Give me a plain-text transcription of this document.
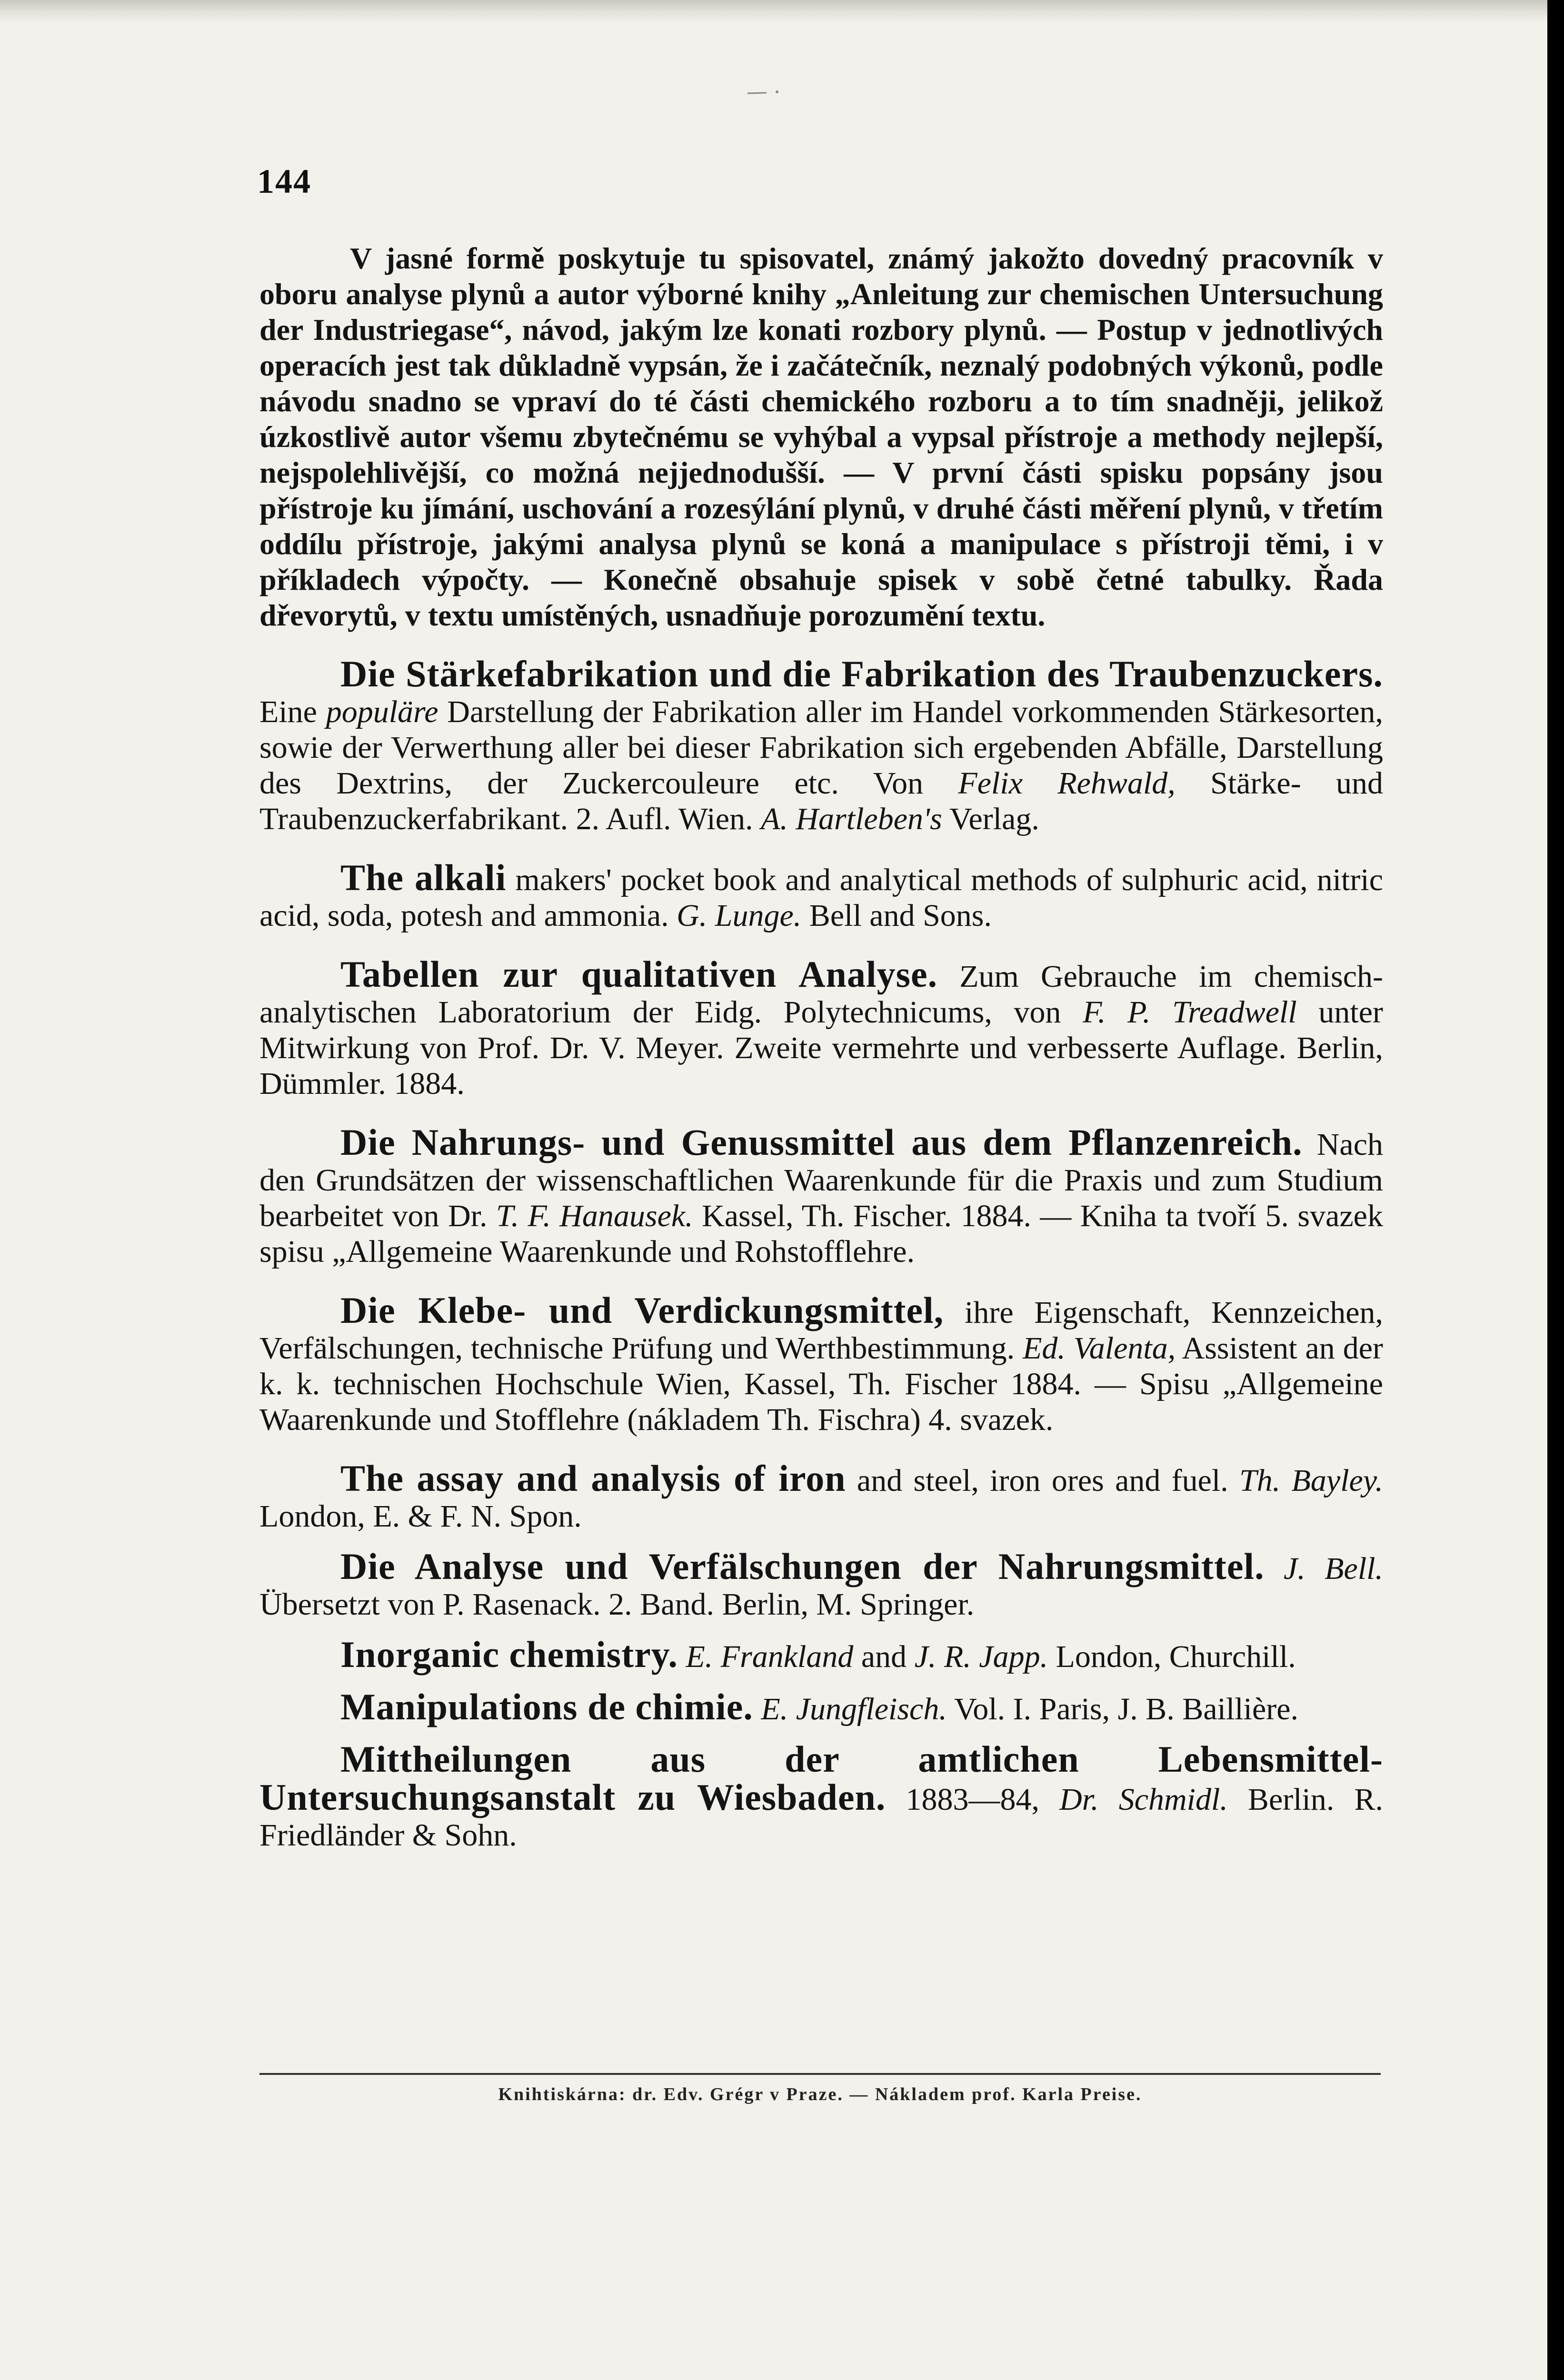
144

V jasné formě poskytuje tu spisovatel, známý jakožto dovedný pracovník v oboru analyse plynů a autor výborné knihy „Anleitung zur chemischen Untersuchung der Industriegase“, návod, jakým lze konati rozbory plynů. — Postup v jednotlivých operacích jest tak důkladně vypsán, že i začátečník, neznalý podobných výkonů, podle návodu snadno se vpraví do té části chemického rozboru a to tím snadněji, jelikož úzkostlivě autor všemu zbytečnému se vyhýbal a vypsal přístroje a methody nejlepší, nejspolehlivější, co možná nejjednodušší. — V první části spisku popsány jsou přístroje ku jímání, uschování a rozesýlání plynů, v druhé části měření plynů, v třetím oddílu přístroje, jakými analysa plynů se koná a manipulace s přístroji těmi, i v příkladech výpočty. — Konečně obsahuje spisek v sobě četné tabulky. Řada dřevorytů, v textu umístěných, usnadňuje porozumění textu.

Die Stärkefabrikation und die Fabrikation des Traubenzuckers. Eine populäre Darstellung der Fabrikation aller im Handel vorkommenden Stärkesorten, sowie der Verwerthung aller bei dieser Fabrikation sich ergebenden Abfälle, Darstellung des Dextrins, der Zuckercouleure etc. Von Felix Rehwald, Stärke- und Traubenzuckerfabrikant. 2. Aufl. Wien. A. Hartleben's Verlag.

The alkali makers' pocket book and analytical methods of sulphuric acid, nitric acid, soda, potesh and ammonia. G. Lunge. Bell and Sons.

Tabellen zur qualitativen Analyse. Zum Gebrauche im chemisch-analytischen Laboratorium der Eidg. Polytechnicums, von F. P. Treadwell unter Mitwirkung von Prof. Dr. V. Meyer. Zweite vermehrte und verbesserte Auflage. Berlin, Dümmler. 1884.

Die Nahrungs- und Genussmittel aus dem Pflanzenreich. Nach den Grundsätzen der wissenschaftlichen Waarenkunde für die Praxis und zum Studium bearbeitet von Dr. T. F. Hanausek. Kassel, Th. Fischer. 1884. — Kniha ta tvoří 5. svazek spisu „Allgemeine Waarenkunde und Rohstofflehre.

Die Klebe- und Verdickungsmittel, ihre Eigenschaft, Kennzeichen, Verfälschungen, technische Prüfung und Werthbestimmung. Ed. Valenta, Assistent an der k. k. technischen Hochschule Wien, Kassel, Th. Fischer 1884. — Spisu „Allgemeine Waarenkunde und Stofflehre (nákladem Th. Fischra) 4. svazek.

The assay and analysis of iron and steel, iron ores and fuel. Th. Bayley. London, E. & F. N. Spon.

Die Analyse und Verfälschungen der Nahrungsmittel. J. Bell. Übersetzt von P. Rasenack. 2. Band. Berlin, M. Springer.

Inorganic chemistry. E. Frankland and J. R. Japp. London, Churchill.

Manipulations de chimie. E. Jungfleisch. Vol. I. Paris, J. B. Baillière.

Mittheilungen aus der amtlichen Lebensmittel-Untersuchungsanstalt zu Wiesbaden. 1883—84, Dr. Schmidl. Berlin. R. Friedländer & Sohn.

Knihtiskárna: dr. Edv. Grégr v Praze. — Nákladem prof. Karla Preise.
